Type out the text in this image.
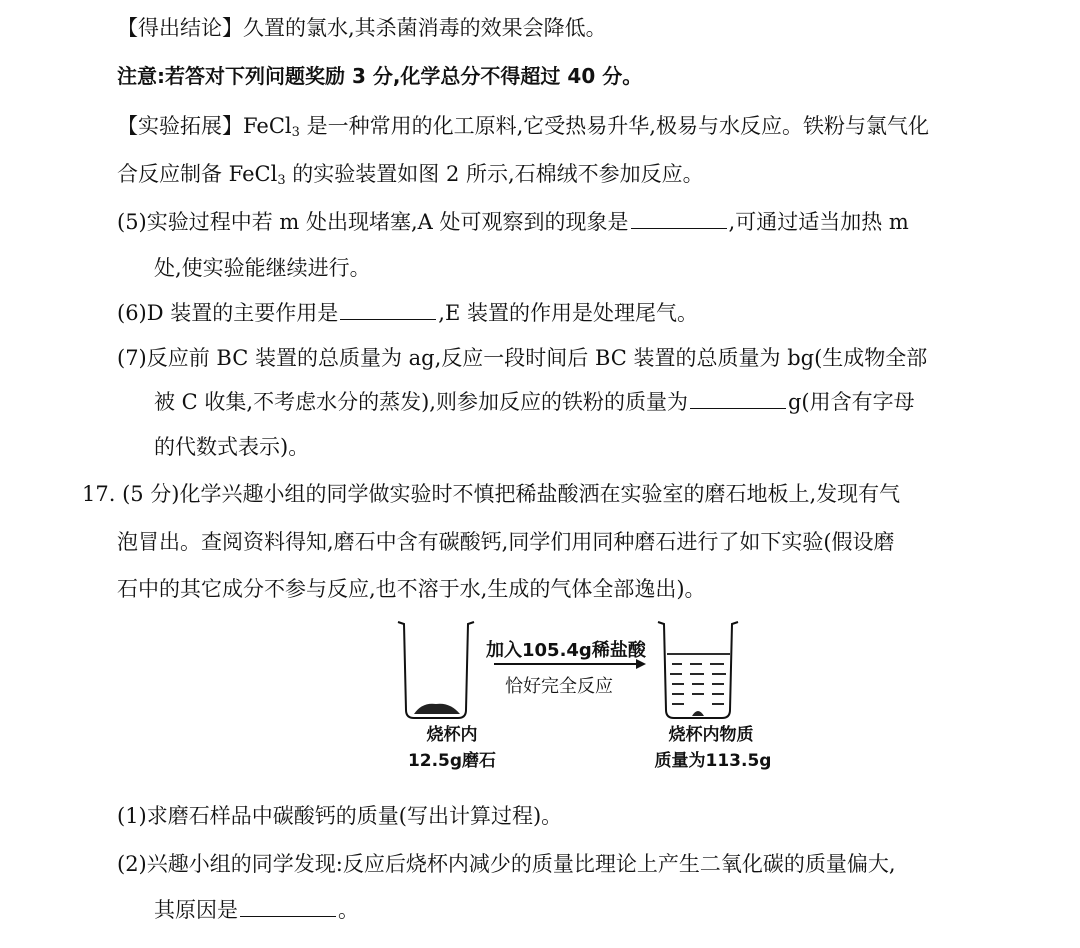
【得出结论】久置的氯水,其杀菌消毒的效果会降低。
注意:若答对下列问题奖励 3 分,化学总分不得超过 40 分。
【实验拓展】FeCl$_3$ 是一种常用的化工原料,它受热易升华,极易与水反应。铁粉与氯气化
合反应制备 FeCl$_3$ 的实验装置如图 2 所示,石棉绒不参加反应。
(5)实验过程中若 m 处出现堵塞,A 处可观察到的现象是	,可通过适当加热 m
处,使实验能继续进行。
(6)D 装置的主要作用是	,E 装置的作用是处理尾气。
(7)反应前 BC 装置的总质量为 ag,反应一段时间后 BC 装置的总质量为 bg(生成物全部
被 C 收集,不考虑水分的蒸发),则参加反应的铁粉的质量为	g(用含有字母
的代数式表示)。
17. (5 分)化学兴趣小组的同学做实验时不慎把稀盐酸洒在实验室的磨石地板上,发现有气
泡冒出。查阅资料得知,磨石中含有碳酸钙,同学们用同种磨石进行了如下实验(假设磨
石中的其它成分不参与反应,也不溶于水,生成的气体全部逸出)。
加入105.4g稀盐酸
恰好完全反应
烧杯内
12.5g磨石
烧杯内物质
质量为113.5g
(1)求磨石样品中碳酸钙的质量(写出计算过程)。
(2)兴趣小组的同学发现:反应后烧杯内减少的质量比理论上产生二氧化碳的质量偏大,
其原因是	。
